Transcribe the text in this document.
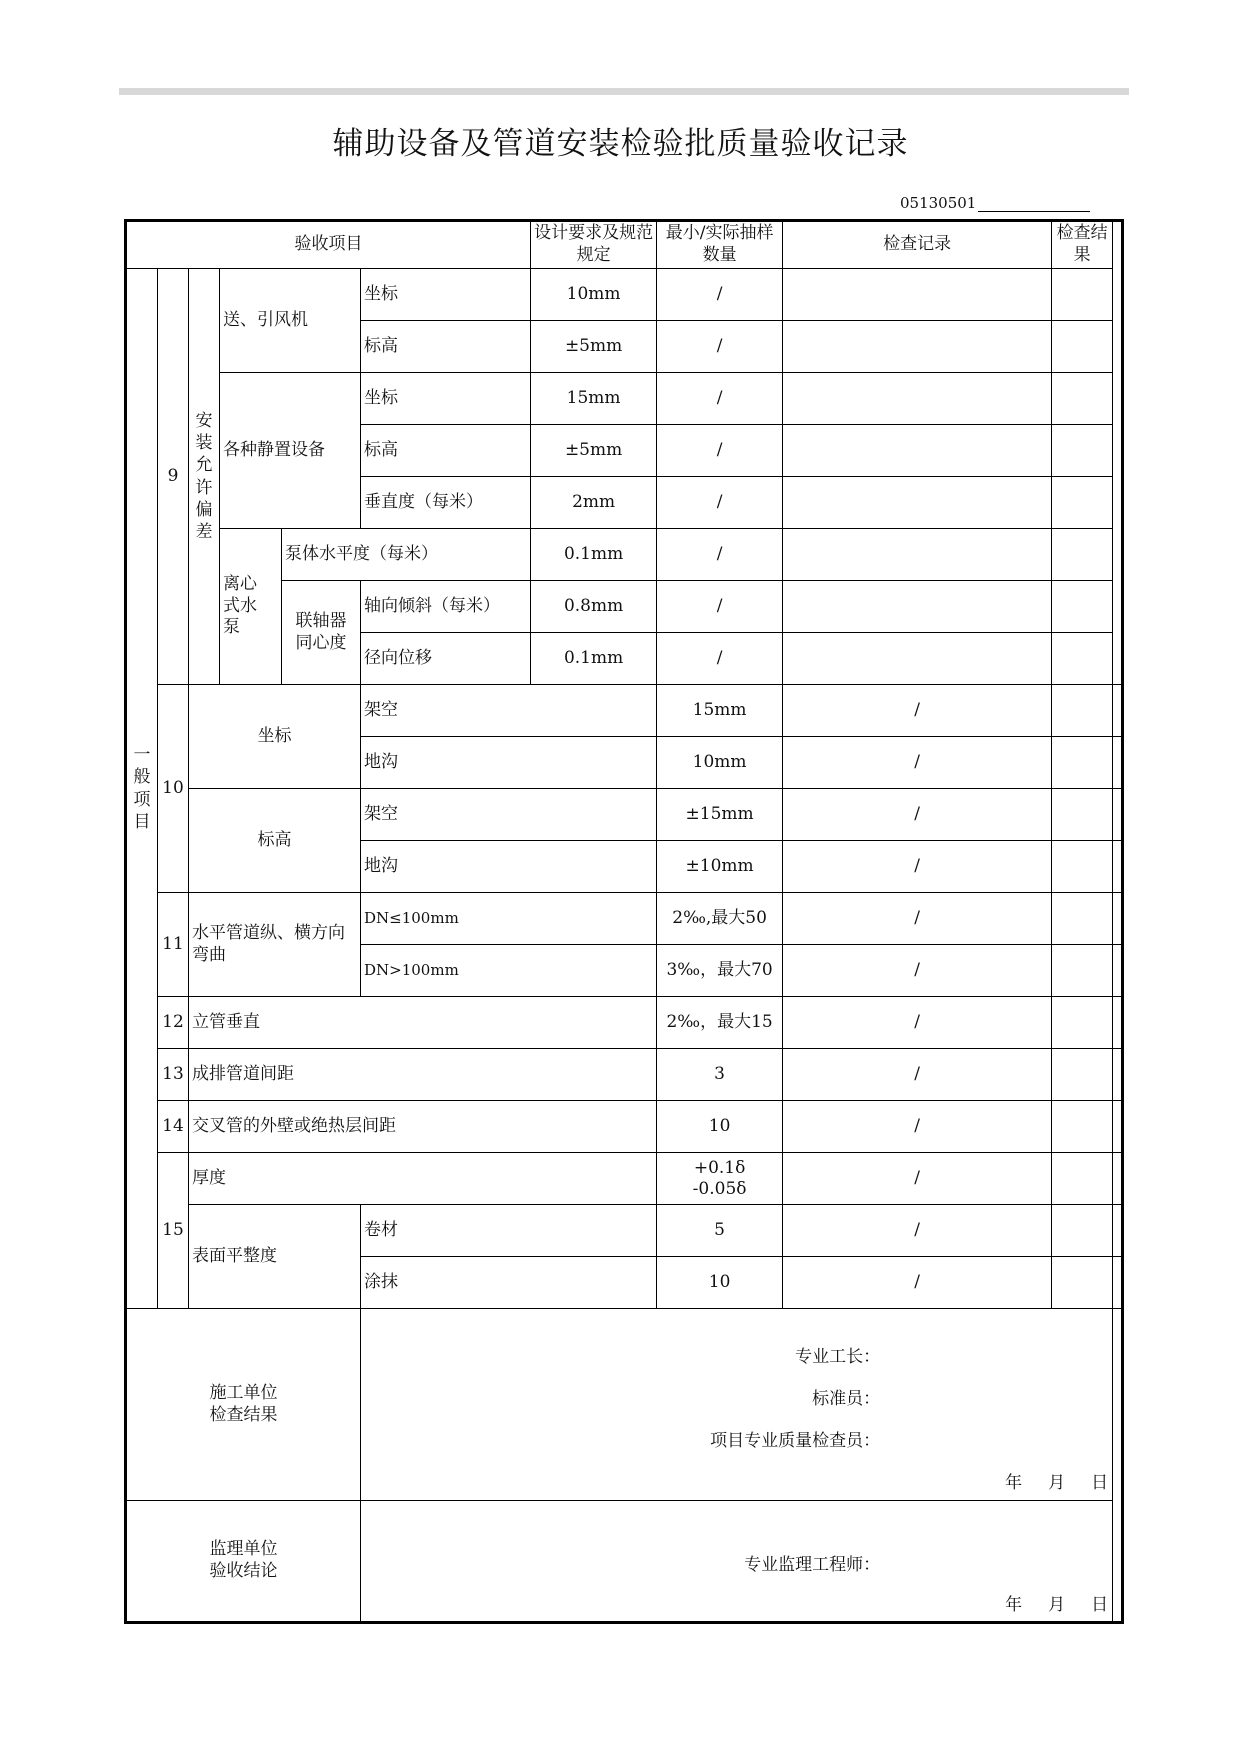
辅助设备及管道安装检验批质量验收记录
05130501
验收项目						设计要求及规范规定	最小/实际抽样数量	检查记录	检查结果	

一般项目	9	安装允许偏差	送、引风机		坐标	10mm	/			
					标高	±5mm	/			
			各种静置设备		坐标	15mm	/			
					标高	±5mm	/			
					垂直度（每米）	2mm	/			

			离心式水泵	泵体水平度（每米）		0.1mm	/			

				联轴器同心度	轴向倾斜（每米）	0.8mm	/			
					径向位移	0.1mm	/			
	10	坐标			架空		15mm	/		
					地沟		10mm	/		
		标高			架空		±15mm	/		
					地沟		±10mm	/		
	11	水平管道纵、横方向弯曲			DN≤100mm		2‰,最大50	/		
					DN>100mm		3‰，最大70	/		
	12	立管垂直					2‰，最大15	/		
	13	成排管道间距					3	/		
	14	交叉管的外壁或绝热层间距					10	/		
	15	厚度					+0.1δ
-0.05δ	/		
		表面平整度			卷材		5	/		
					涂抹		10	/		

施工单位检查结果					专业工长：
标准员：
项目专业质量检查员：
年 月 日					

监理单位验收结论					专业监理工程师：
年 月 日					
